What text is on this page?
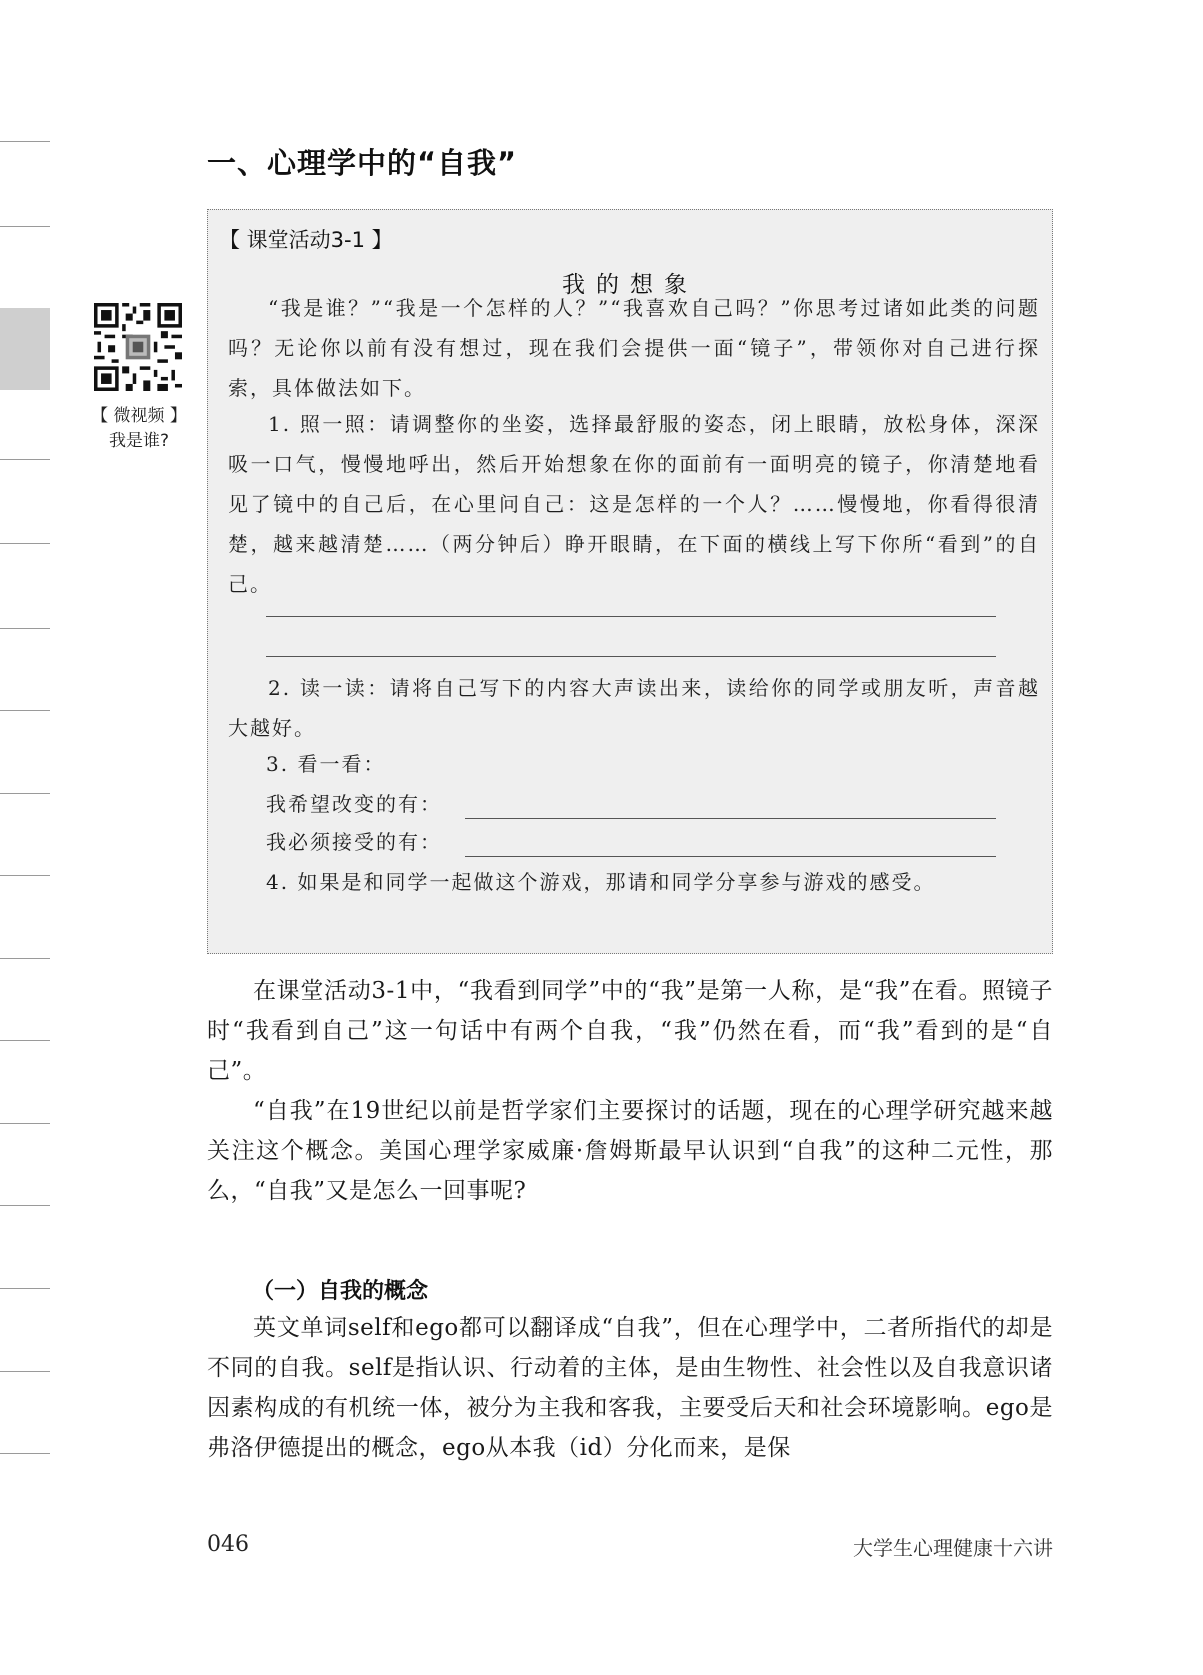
【 微视频 】
我是谁?
一、心理学中的“自我”
【 课堂活动3-1 】
我的想象

“我是谁？”“我是一个怎样的人？”“我喜欢自己吗？”你思考过诸如此类的问题吗？无论你以前有没有想过，现在我们会提供一面“镜子”，带领你对自己进行探索，具体做法如下。

1. 照一照：请调整你的坐姿，选择最舒服的姿态，闭上眼睛，放松身体，深深吸一口气，慢慢地呼出，然后开始想象在你的面前有一面明亮的镜子，你清楚地看见了镜中的自己后，在心里问自己：这是怎样的一个人？……慢慢地，你看得很清楚，越来越清楚……（两分钟后）睁开眼睛，在下面的横线上写下你所“看到”的自己。

2. 读一读：请将自己写下的内容大声读出来，读给你的同学或朋友听，声音越大越好。

3. 看一看：

我希望改变的有：

我必须接受的有：

4. 如果是和同学一起做这个游戏，那请和同学分享参与游戏的感受。

在课堂活动3-1中，“我看到同学”中的“我”是第一人称，是“我”在看。照镜子时“我看到自己”这一句话中有两个自我，“我”仍然在看，而“我”看到的是“自己”。

“自我”在19世纪以前是哲学家们主要探讨的话题，现在的心理学研究越来越关注这个概念。美国心理学家威廉·詹姆斯最早认识到“自我”的这种二元性，那么，“自我”又是怎么一回事呢?

（一）自我的概念

英文单词self和ego都可以翻译成“自我”，但在心理学中，二者所指代的却是不同的自我。self是指认识、行动着的主体，是由生物性、社会性以及自我意识诸因素构成的有机统一体，被分为主我和客我，主要受后天和社会环境影响。ego是弗洛伊德提出的概念，ego从本我（id）分化而来，是保

046	大学生心理健康十六讲
